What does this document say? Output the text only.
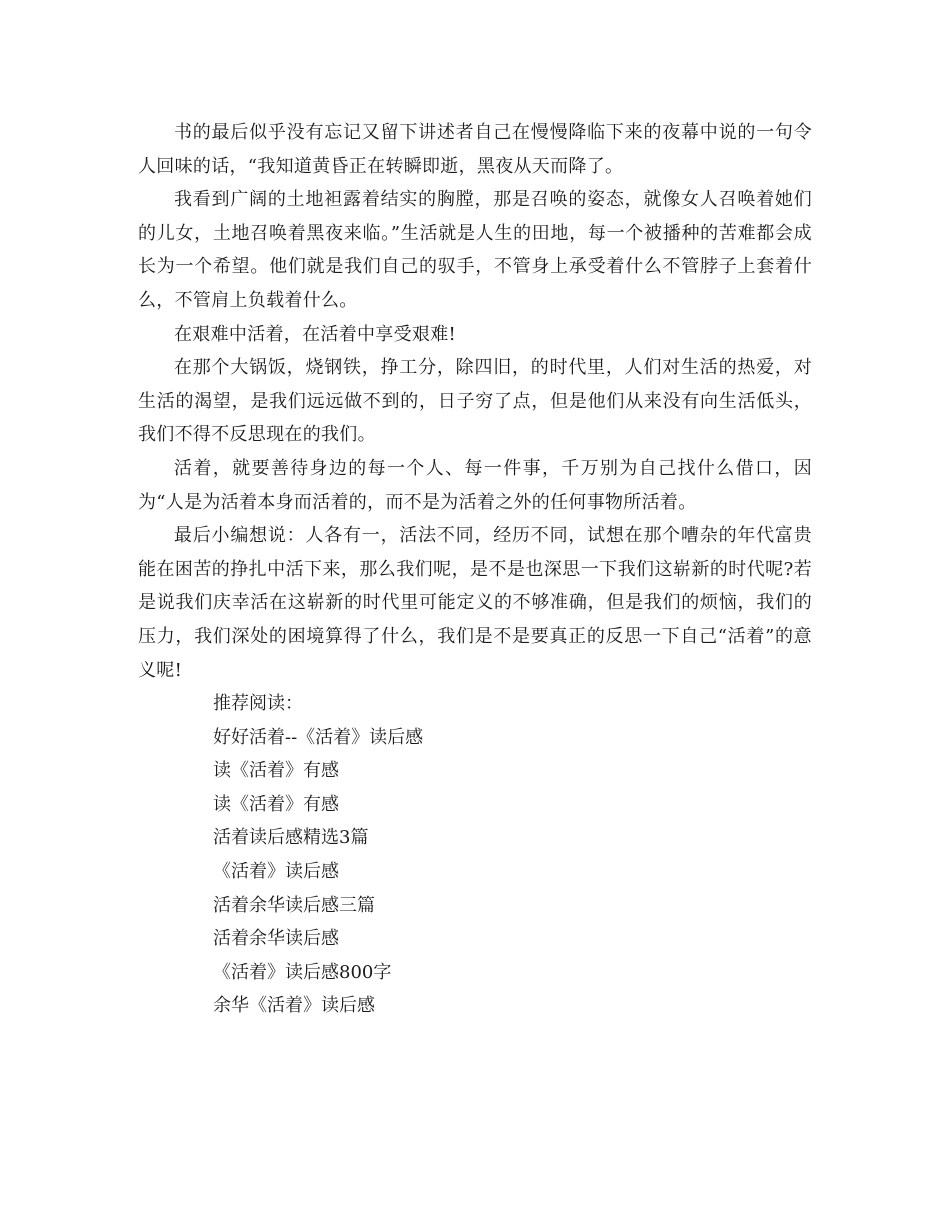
书的最后似乎没有忘记又留下讲述者自己在慢慢降临下来的夜幕中说的一句令人回味的话，“我知道黄昏正在转瞬即逝，黑夜从天而降了。

我看到广阔的土地袒露着结实的胸膛，那是召唤的姿态，就像女人召唤着她们的儿女，土地召唤着黑夜来临。”生活就是人生的田地，每一个被播种的苦难都会成长为一个希望。他们就是我们自己的驭手，不管身上承受着什么不管脖子上套着什么，不管肩上负载着什么。

在艰难中活着，在活着中享受艰难!

在那个大锅饭，烧钢铁，挣工分，除四旧，的时代里，人们对生活的热爱，对生活的渴望，是我们远远做不到的，日子穷了点，但是他们从来没有向生活低头，我们不得不反思现在的我们。

活着，就要善待身边的每一个人、每一件事，千万别为自己找什么借口，因为“人是为活着本身而活着的，而不是为活着之外的任何事物所活着。

最后小编想说：人各有一，活法不同，经历不同，试想在那个嘈杂的年代富贵能在困苦的挣扎中活下来，那么我们呢，是不是也深思一下我们这崭新的时代呢?若是说我们庆幸活在这崭新的时代里可能定义的不够准确，但是我们的烦恼，我们的压力，我们深处的困境算得了什么，我们是不是要真正的反思一下自己“活着”的意义呢!

推荐阅读：

好好活着--《活着》读后感

读《活着》有感

读《活着》有感

活着读后感精选3篇

《活着》读后感

活着余华读后感三篇

活着余华读后感

《活着》读后感800字

余华《活着》读后感
